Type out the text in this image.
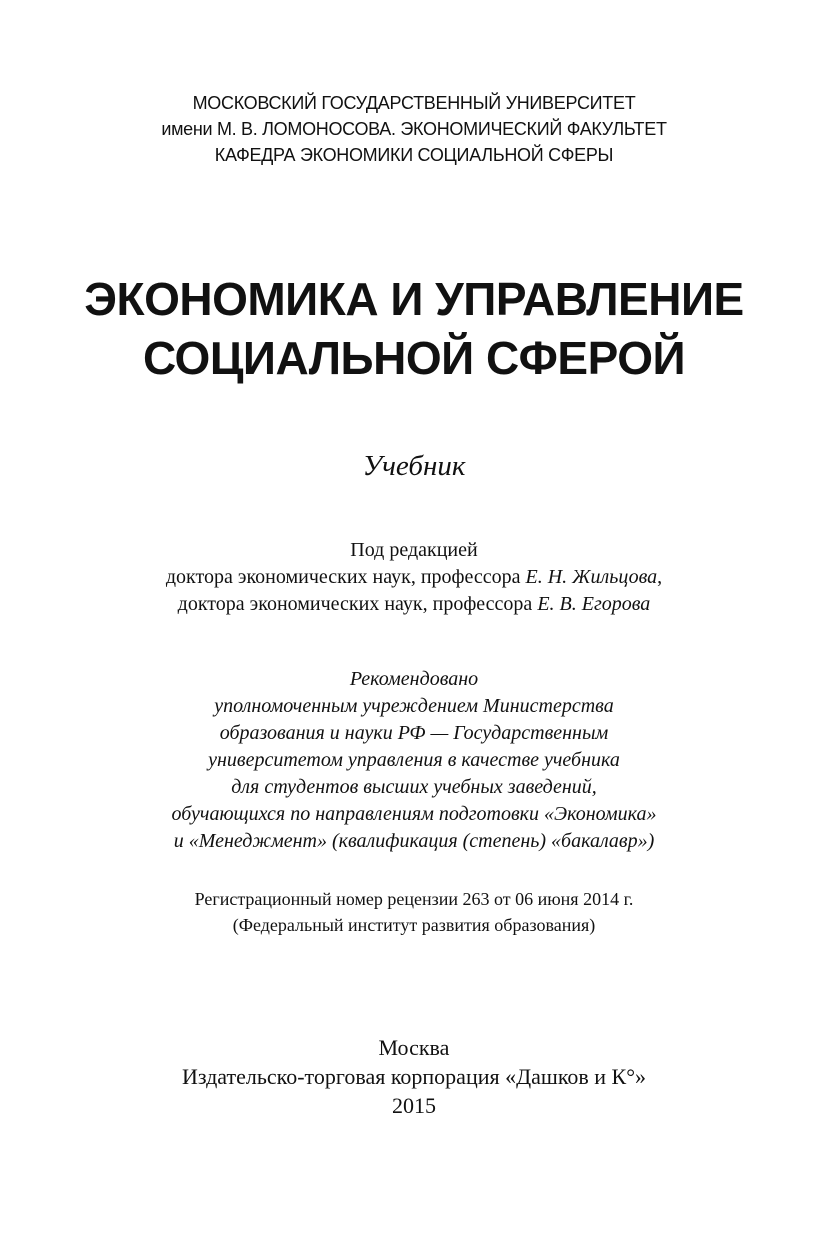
МОСКОВСКИЙ ГОСУДАРСТВЕННЫЙ УНИВЕРСИТЕТ
имени М. В. ЛОМОНОСОВА. ЭКОНОМИЧЕСКИЙ ФАКУЛЬТЕТ
КАФЕДРА ЭКОНОМИКИ СОЦИАЛЬНОЙ СФЕРЫ
ЭКОНОМИКА И УПРАВЛЕНИЕ
СОЦИАЛЬНОЙ СФЕРОЙ
Учебник
Под редакцией
доктора экономических наук, профессора Е. Н. Жильцова,
доктора экономических наук, профессора Е. В. Егорова
Рекомендовано
уполномоченным учреждением Министерства
образования и науки РФ — Государственным
университетом управления в качестве учебника
для студентов высших учебных заведений,
обучающихся по направлениям подготовки «Экономика»
и «Менеджмент» (квалификация (степень) «бакалавр»)
Регистрационный номер рецензии 263 от 06 июня 2014 г.
(Федеральный институт развития образования)
Москва
Издательско-торговая корпорация «Дашков и К°»
2015
